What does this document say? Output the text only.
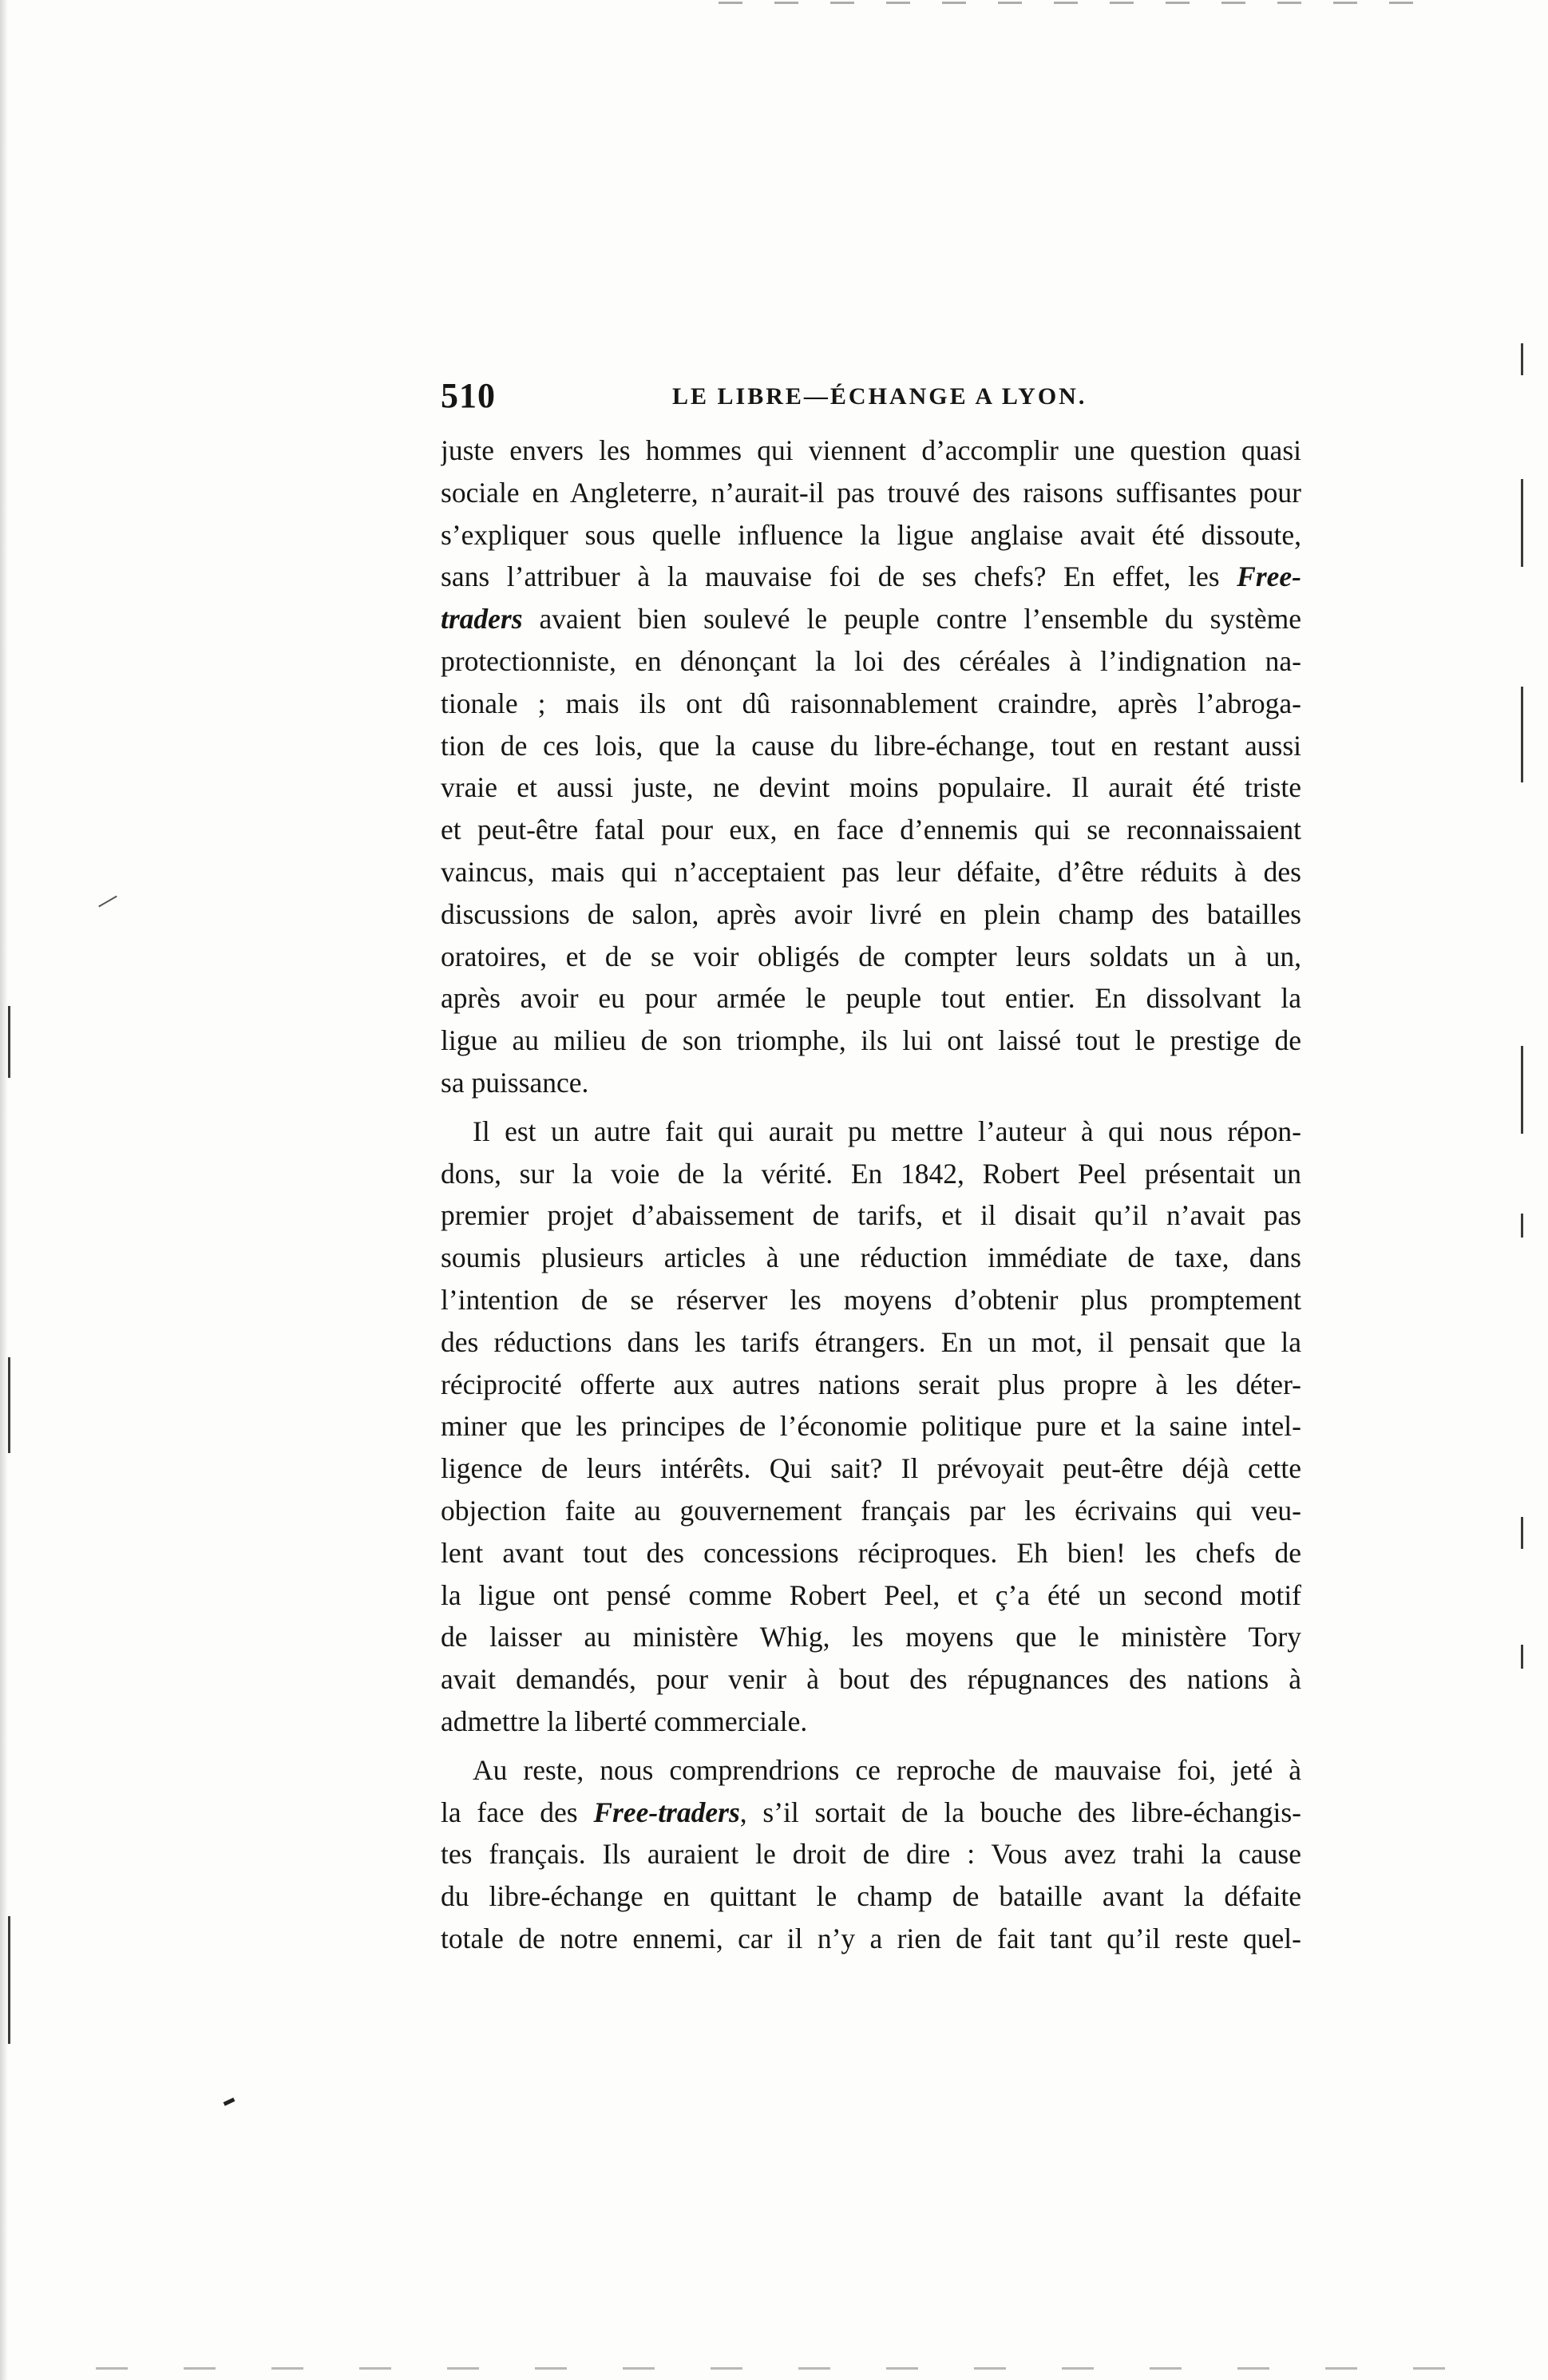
510	LE LIBRE—ÉCHANGE A LYON.
juste envers les hommes qui viennent d’accomplir une question quasi
sociale en Angleterre, n’aurait-il pas trouvé des raisons suffisantes pour
s’expliquer sous quelle influence la ligue anglaise avait été dissoute,
sans l’attribuer à la mauvaise foi de ses chefs? En effet, les Free-
traders avaient bien soulevé le peuple contre l’ensemble du système
protectionniste, en dénonçant la loi des céréales à l’indignation na-
tionale ; mais ils ont dû raisonnablement craindre, après l’abroga-
tion de ces lois, que la cause du libre-échange, tout en restant aussi
vraie et aussi juste, ne devint moins populaire. Il aurait été triste
et peut-être fatal pour eux, en face d’ennemis qui se reconnaissaient
vaincus, mais qui n’acceptaient pas leur défaite, d’être réduits à des
discussions de salon, après avoir livré en plein champ des batailles
oratoires, et de se voir obligés de compter leurs soldats un à un,
après avoir eu pour armée le peuple tout entier. En dissolvant la
ligue au milieu de son triomphe, ils lui ont laissé tout le prestige de
sa puissance.
Il est un autre fait qui aurait pu mettre l’auteur à qui nous répon-
dons, sur la voie de la vérité. En 1842, Robert Peel présentait un
premier projet d’abaissement de tarifs, et il disait qu’il n’avait pas
soumis plusieurs articles à une réduction immédiate de taxe, dans
l’intention de se réserver les moyens d’obtenir plus promptement
des réductions dans les tarifs étrangers. En un mot, il pensait que la
réciprocité offerte aux autres nations serait plus propre à les déter-
miner que les principes de l’économie politique pure et la saine intel-
ligence de leurs intérêts. Qui sait? Il prévoyait peut-être déjà cette
objection faite au gouvernement français par les écrivains qui veu-
lent avant tout des concessions réciproques. Eh bien! les chefs de
la ligue ont pensé comme Robert Peel, et ç’a été un second motif
de laisser au ministère Whig, les moyens que le ministère Tory
avait demandés, pour venir à bout des répugnances des nations à
admettre la liberté commerciale.
Au reste, nous comprendrions ce reproche de mauvaise foi, jeté à
la face des Free-traders, s’il sortait de la bouche des libre-échangis-
tes français. Ils auraient le droit de dire : Vous avez trahi la cause
du libre-échange en quittant le champ de bataille avant la défaite
totale de notre ennemi, car il n’y a rien de fait tant qu’il reste quel-
